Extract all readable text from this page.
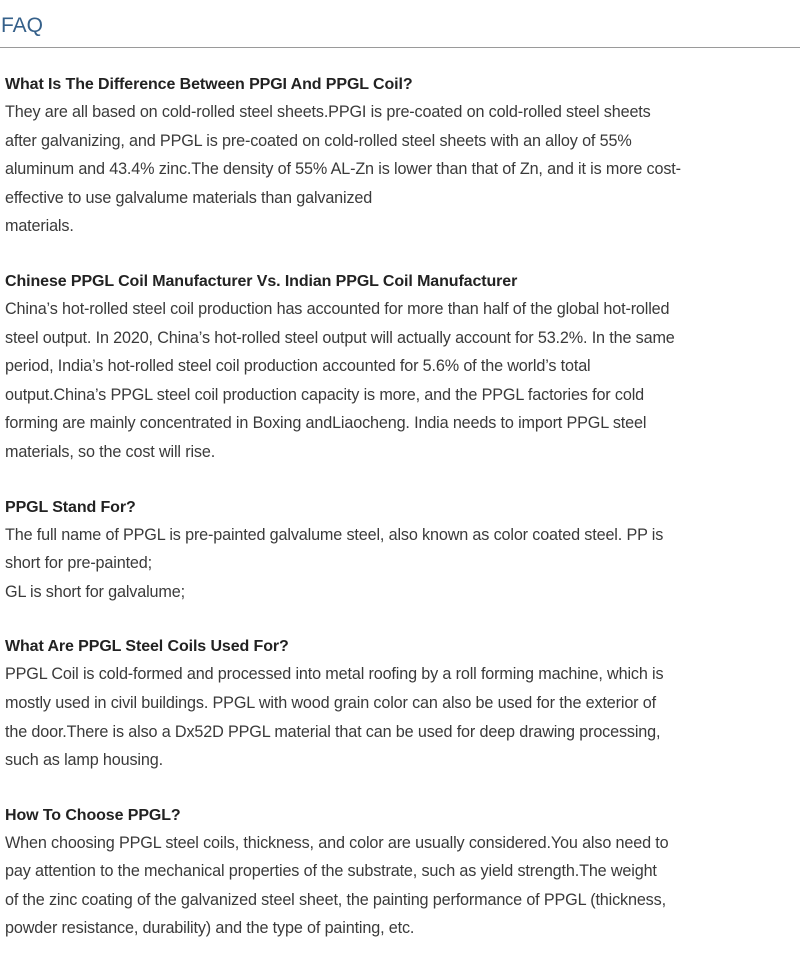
FAQ
What Is The Difference Between PPGI And PPGL Coil?

They are all based on cold-rolled steel sheets.PPGI is pre-coated on cold-rolled steel sheets
after galvanizing, and PPGL is pre-coated on cold-rolled steel sheets with an alloy of 55%
aluminum and 43.4% zinc.The density of 55% AL-Zn is lower than that of Zn, and it is more cost-
effective to use galvalume materials than galvanized
materials.

Chinese PPGL Coil Manufacturer Vs. Indian PPGL Coil Manufacturer

China’s hot-rolled steel coil production has accounted for more than half of the global hot-rolled
steel output. In 2020, China’s hot-rolled steel output will actually account for 53.2%. In the same
period, India’s hot-rolled steel coil production accounted for 5.6% of the world’s total
output.China’s PPGL steel coil production capacity is more, and the PPGL factories for cold
forming are mainly concentrated in Boxing andLiaocheng. India needs to import PPGL steel
materials, so the cost will rise.

PPGL Stand For?

The full name of PPGL is pre-painted galvalume steel, also known as color coated steel. PP is
short for pre-painted;
GL is short for galvalume;

What Are PPGL Steel Coils Used For?

PPGL Coil is cold-formed and processed into metal roofing by a roll forming machine, which is
mostly used in civil buildings. PPGL with wood grain color can also be used for the exterior of
the door.There is also a Dx52D PPGL material that can be used for deep drawing processing,
such as lamp housing.

How To Choose PPGL?

When choosing PPGL steel coils, thickness, and color are usually considered.You also need to
pay attention to the mechanical properties of the substrate, such as yield strength.The weight
of the zinc coating of the galvanized steel sheet, the painting performance of PPGL (thickness,
powder resistance, durability) and the type of painting, etc.
